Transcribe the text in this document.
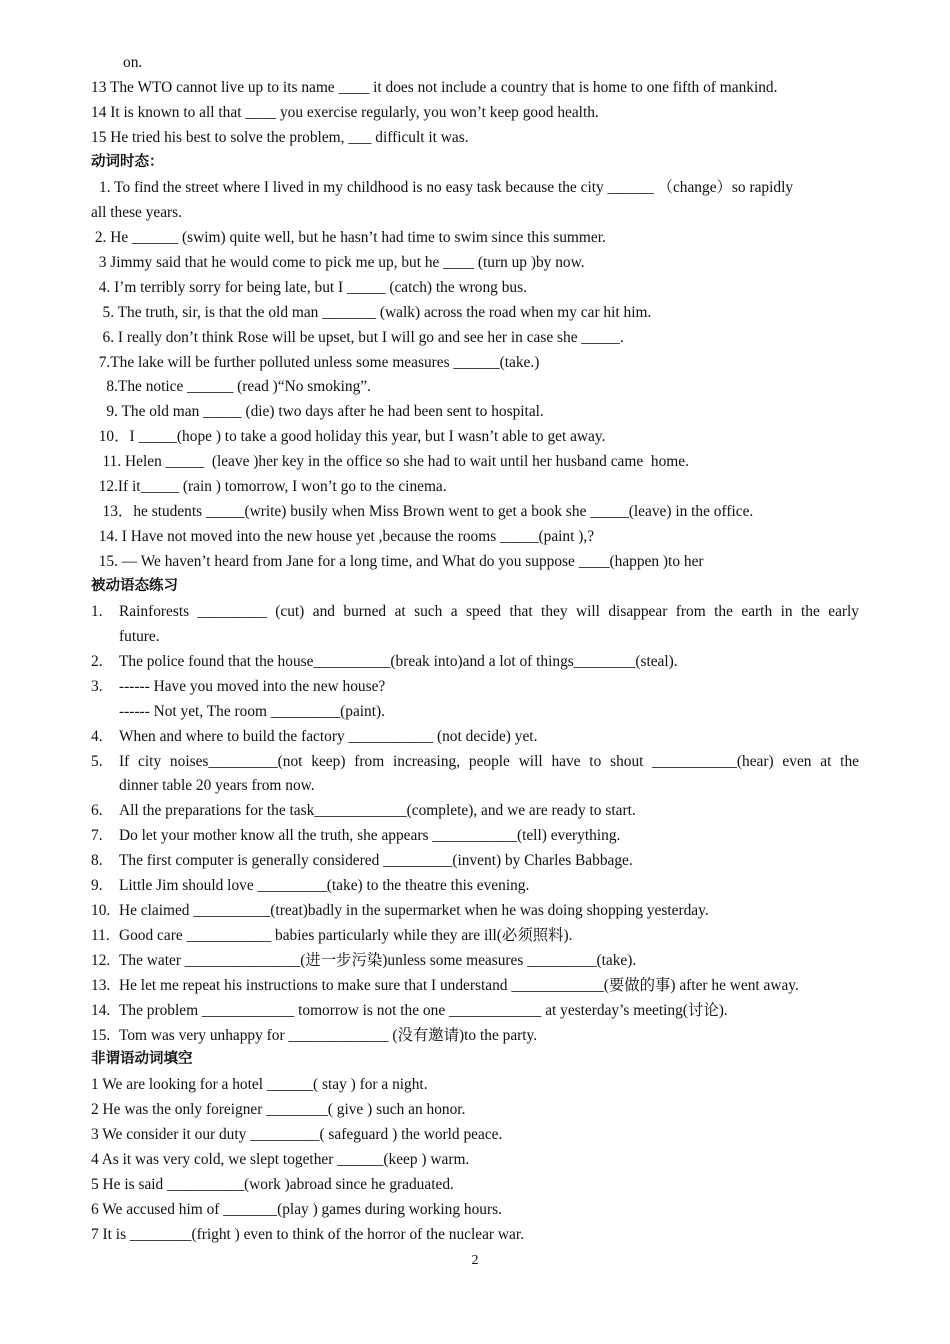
on.
13 The WTO cannot live up to its name ____ it does not include a country that is home to one fifth of mankind.
14 It is known to all that ____ you exercise regularly, you won’t keep good health.
15 He tried his best to solve the problem, ___ difficult it was.
动词时态：
1. To find the street where I lived in my childhood is no easy task because the city ______ （change）so rapidly
all these years.
2. He ______ (swim) quite well, but he hasn’t had time to swim since this summer.
3 Jimmy said that he would come to pick me up, but he ____ (turn up )by now.
4. I’m terribly sorry for being late, but I _____ (catch) the wrong bus.
5. The truth, sir, is that the old man _______ (walk) across the road when my car hit him.
6. I really don’t think Rose will be upset, but I will go and see her in case she _____.
7.The lake will be further polluted unless some measures ______(take.)
8.The notice ______ (read )“No smoking”.
9. The old man _____ (die) two days after he had been sent to hospital.
10．I _____(hope ) to take a good holiday this year, but I wasn’t able to get away.
11. Helen _____  (leave )her key in the office so she had to wait until her husband came  home.
12.If it_____ (rain ) tomorrow, I won’t go to the cinema.
13．he students _____(write) busily when Miss Brown went to get a book she _____(leave) in the office.
14. I Have not moved into the new house yet ,because the rooms _____(paint ),?
15. — We haven’t heard from Jane for a long time, and What do you suppose ____(happen )to her
被动语态练习
1. Rainforests _________ (cut) and burned at such a speed that they will disappear from the earth in the early
future.
2. The police found that the house__________(break into)and a lot of things________(steal).
3. ------ Have you moved into the new house?
------ Not yet, The room _________(paint).
4. When and where to build the factory ___________ (not decide) yet.
5. If city noises_________(not keep) from increasing, people will have to shout ___________(hear) even at the
dinner table 20 years from now.
6. All the preparations for the task____________(complete), and we are ready to start.
7. Do let your mother know all the truth, she appears ___________(tell) everything.
8. The first computer is generally considered _________(invent) by Charles Babbage.
9. Little Jim should love _________(take) to the theatre this evening.
10. He claimed __________(treat)badly in the supermarket when he was doing shopping yesterday.
11. Good care ___________ babies particularly while they are ill(必须照料).
12. The water _______________(进一步污染)unless some measures _________(take).
13. He let me repeat his instructions to make sure that I understand ____________(要做的事) after he went away.
14. The problem ____________ tomorrow is not the one ____________ at yesterday’s meeting(讨论).
15. Tom was very unhappy for _____________ (没有邀请)to the party.
非谓语动词填空
1 We are looking for a hotel ______( stay ) for a night.
2 He was the only foreigner ________( give ) such an honor.
3 We consider it our duty _________( safeguard ) the world peace.
4 As it was very cold, we slept together ______(keep ) warm.
5 He is said __________(work )abroad since he graduated.
6 We accused him of _______(play ) games during working hours.
7 It is ________(fright ) even to think of the horror of the nuclear war.
2
